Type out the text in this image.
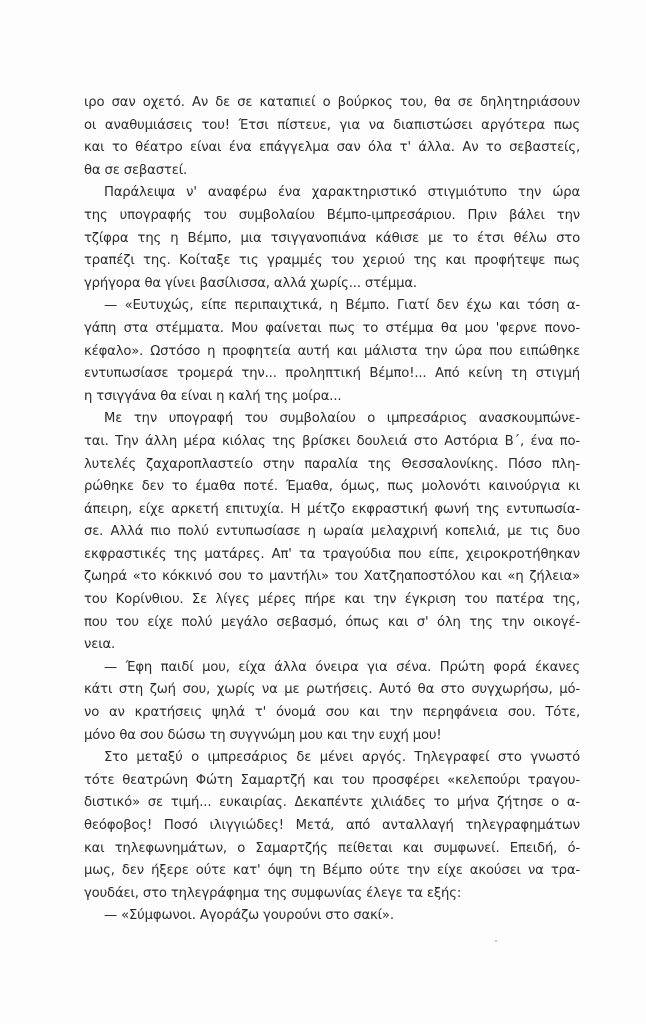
ιρο σαν οχετό. Αν δε σε καταπιεί ο βούρκος του, θα σε δηλητηριάσουν
οι αναθυμιάσεις του! Έτσι πίστευε, για να διαπιστώσει αργότερα πως
και το θέατρο είναι ένα επάγγελμα σαν όλα τ' άλλα. Αν το σεβαστείς,
θα σε σεβαστεί.
Παράλειψα ν' αναφέρω ένα χαρακτηριστικό στιγμιότυπο την ώρα
της υπογραφής του συμβολαίου Βέμπο-ιμπρεσάριου. Πριν βάλει την
τζίφρα της η Βέμπο, μια τσιγγανοπιάνα κάθισε με το έτσι θέλω στο
τραπέζι της. Κοίταξε τις γραμμές του χεριού της και προφήτεψε πως
γρήγορα θα γίνει βασίλισσα, αλλά χωρίς... στέμμα.
— «Ευτυχώς, είπε περιπαιχτικά, η Βέμπο. Γιατί δεν έχω και τόση α-
γάπη στα στέμματα. Μου φαίνεται πως το στέμμα θα μου 'φερνε πονο-
κέφαλο». Ωστόσο η προφητεία αυτή και μάλιστα την ώρα που ειπώθηκε
εντυπωσίασε τρομερά την... προληπτική Βέμπο!... Από κείνη τη στιγμή
η τσιγγάνα θα είναι η καλή της μοίρα...
Με την υπογραφή του συμβολαίου ο ιμπρεσάριος ανασκουμπώνε-
ται. Την άλλη μέρα κιόλας της βρίσκει δουλειά στο Αστόρια Β΄, ένα πο-
λυτελές ζαχαροπλαστείο στην παραλία της Θεσσαλονίκης. Πόσο πλη-
ρώθηκε δεν το έμαθα ποτέ. Έμαθα, όμως, πως μολονότι καινούργια κι
άπειρη, είχε αρκετή επιτυχία. Η μέτζο εκφραστική φωνή της εντυπωσία-
σε. Αλλά πιο πολύ εντυπωσίασε η ωραία μελαχρινή κοπελιά, με τις δυο
εκφραστικές της ματάρες. Απ' τα τραγούδια που είπε, χειροκροτήθηκαν
ζωηρά «το κόκκινό σου το μαντήλι» του Χατζηαποστόλου και «η ζήλεια»
του Κορίνθιου. Σε λίγες μέρες πήρε και την έγκριση του πατέρα της,
που του είχε πολύ μεγάλο σεβασμό, όπως και σ' όλη της την οικογέ-
νεια.
— Έφη παιδί μου, είχα άλλα όνειρα για σένα. Πρώτη φορά έκανες
κάτι στη ζωή σου, χωρίς να με ρωτήσεις. Αυτό θα στο συγχωρήσω, μό-
νο αν κρατήσεις ψηλά τ' όνομά σου και την περηφάνεια σου. Τότε,
μόνο θα σου δώσω τη συγγνώμη μου και την ευχή μου!
Στο μεταξύ ο ιμπρεσάριος δε μένει αργός. Τηλεγραφεί στο γνωστό
τότε θεατρώνη Φώτη Σαμαρτζή και του προσφέρει «κελεπούρι τραγου-
διστικό» σε τιμή... ευκαιρίας. Δεκαπέντε χιλιάδες το μήνα ζήτησε ο α-
θεόφοβος! Ποσό ιλιγγιώδες! Μετά, από ανταλλαγή τηλεγραφημάτων
και τηλεφωνημάτων, ο Σαμαρτζής πείθεται και συμφωνεί. Επειδή, ό-
μως, δεν ήξερε ούτε κατ' όψη τη Βέμπο ούτε την είχε ακούσει να τρα-
γουδάει, στο τηλεγράφημα της συμφωνίας έλεγε τα εξής:
— «Σύμφωνοι. Αγοράζω γουρούνι στο σακί».
